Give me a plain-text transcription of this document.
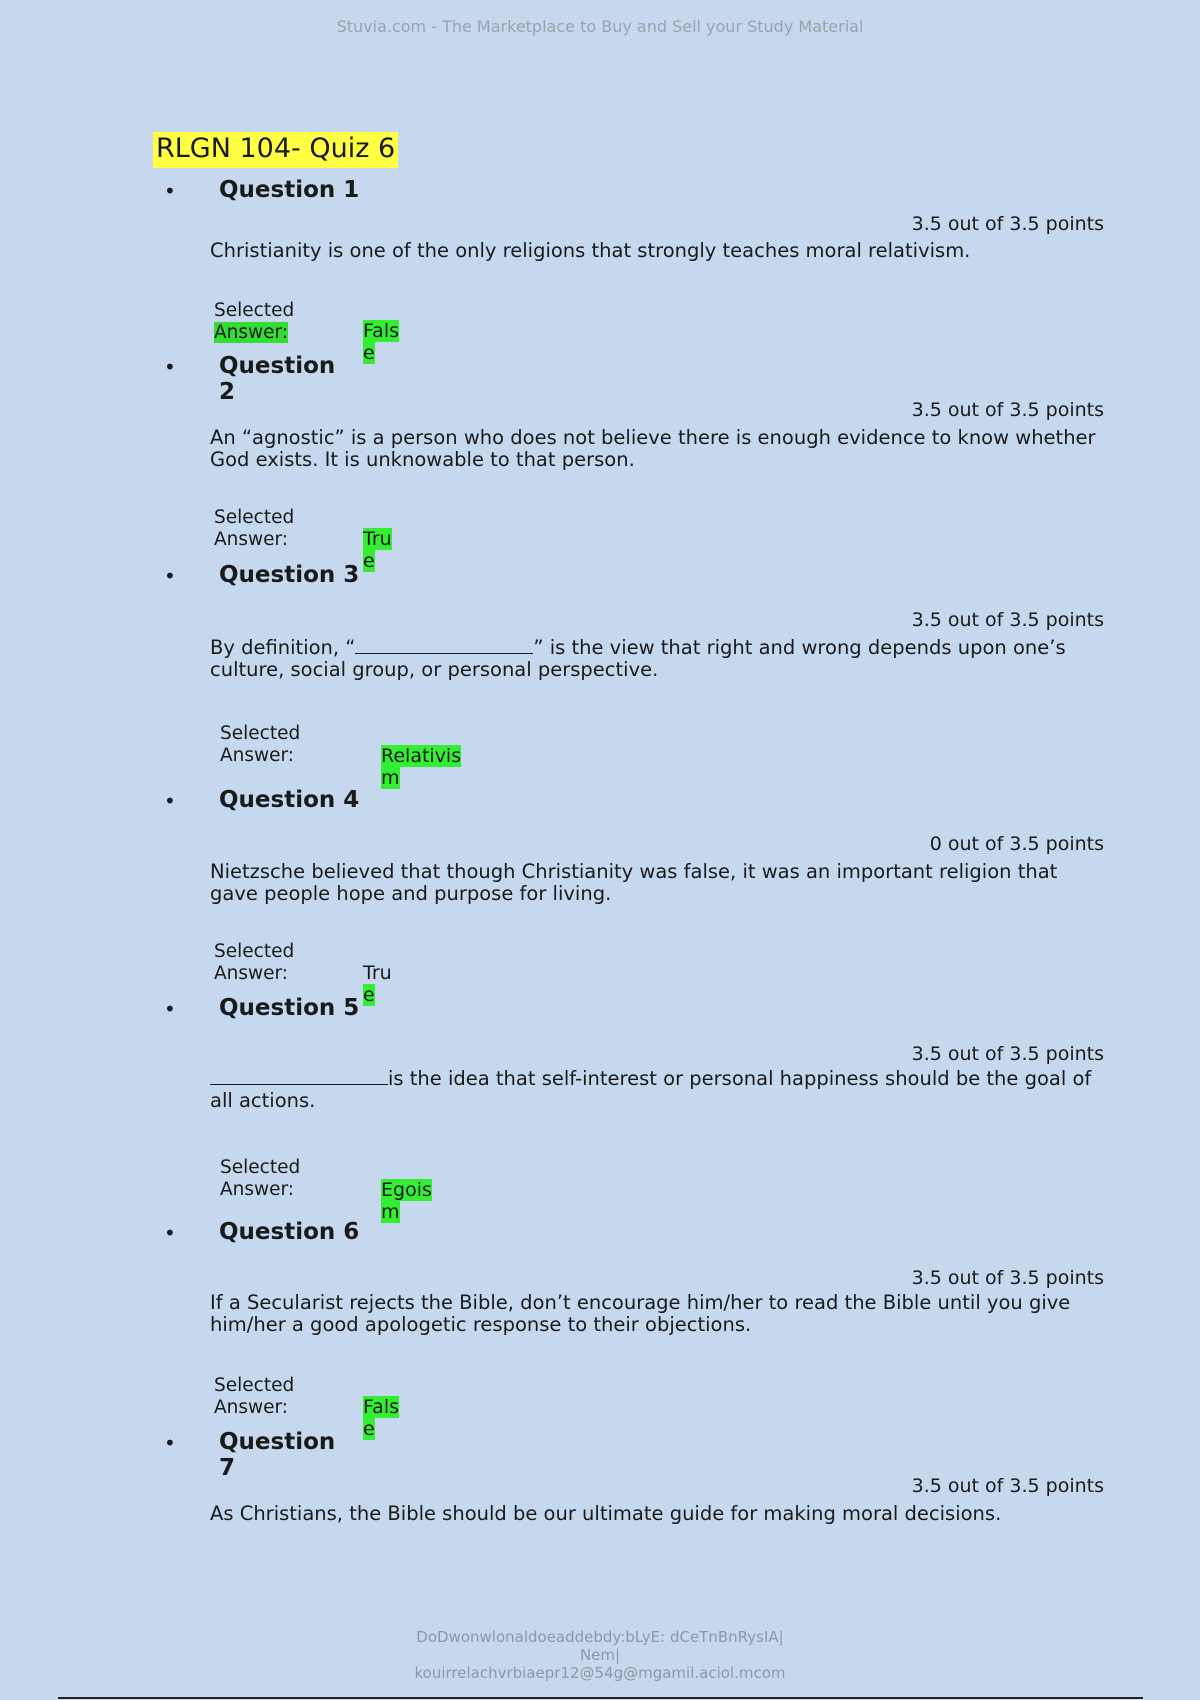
Stuvia.com - The Marketplace to Buy and Sell your Study Material
RLGN 104- Quiz 6
• Question 1
3.5 out of 3.5 points
Christianity is one of the only religions that strongly teaches moral relativism.
Selected
Answer:	Fals
e
• Question 2
3.5 out of 3.5 points
An “agnostic” is a person who does not believe there is enough evidence to know whether God exists. It is unknowable to that person.
Selected
Answer:	Tru
e
• Question 3
3.5 out of 3.5 points
By definition, “	” is the view that right and wrong depends upon one’s culture, social group, or personal perspective.
Selected
Answer:	Relativis
m
• Question 4
0 out of 3.5 points
Nietzsche believed that though Christianity was false, it was an important religion that gave people hope and purpose for living.
Selected
Answer:	Tru
e
• Question 5
3.5 out of 3.5 points
is the idea that self-interest or personal happiness should be the goal of all actions.
Selected
Answer:	Egois
m
• Question 6
3.5 out of 3.5 points
If a Secularist rejects the Bible, don’t encourage him/her to read the Bible until you give him/her a good apologetic response to their objections.
Selected
Answer:	Fals
e
• Question 7
3.5 out of 3.5 points
As Christians, the Bible should be our ultimate guide for making moral decisions.
DoDwonwlonaldoeaddebdy:bLyE: dCeTnBnRysIA|
Nem|
kouirrelachvrbiaepr12@54g@mgamil.aciol.mcom
